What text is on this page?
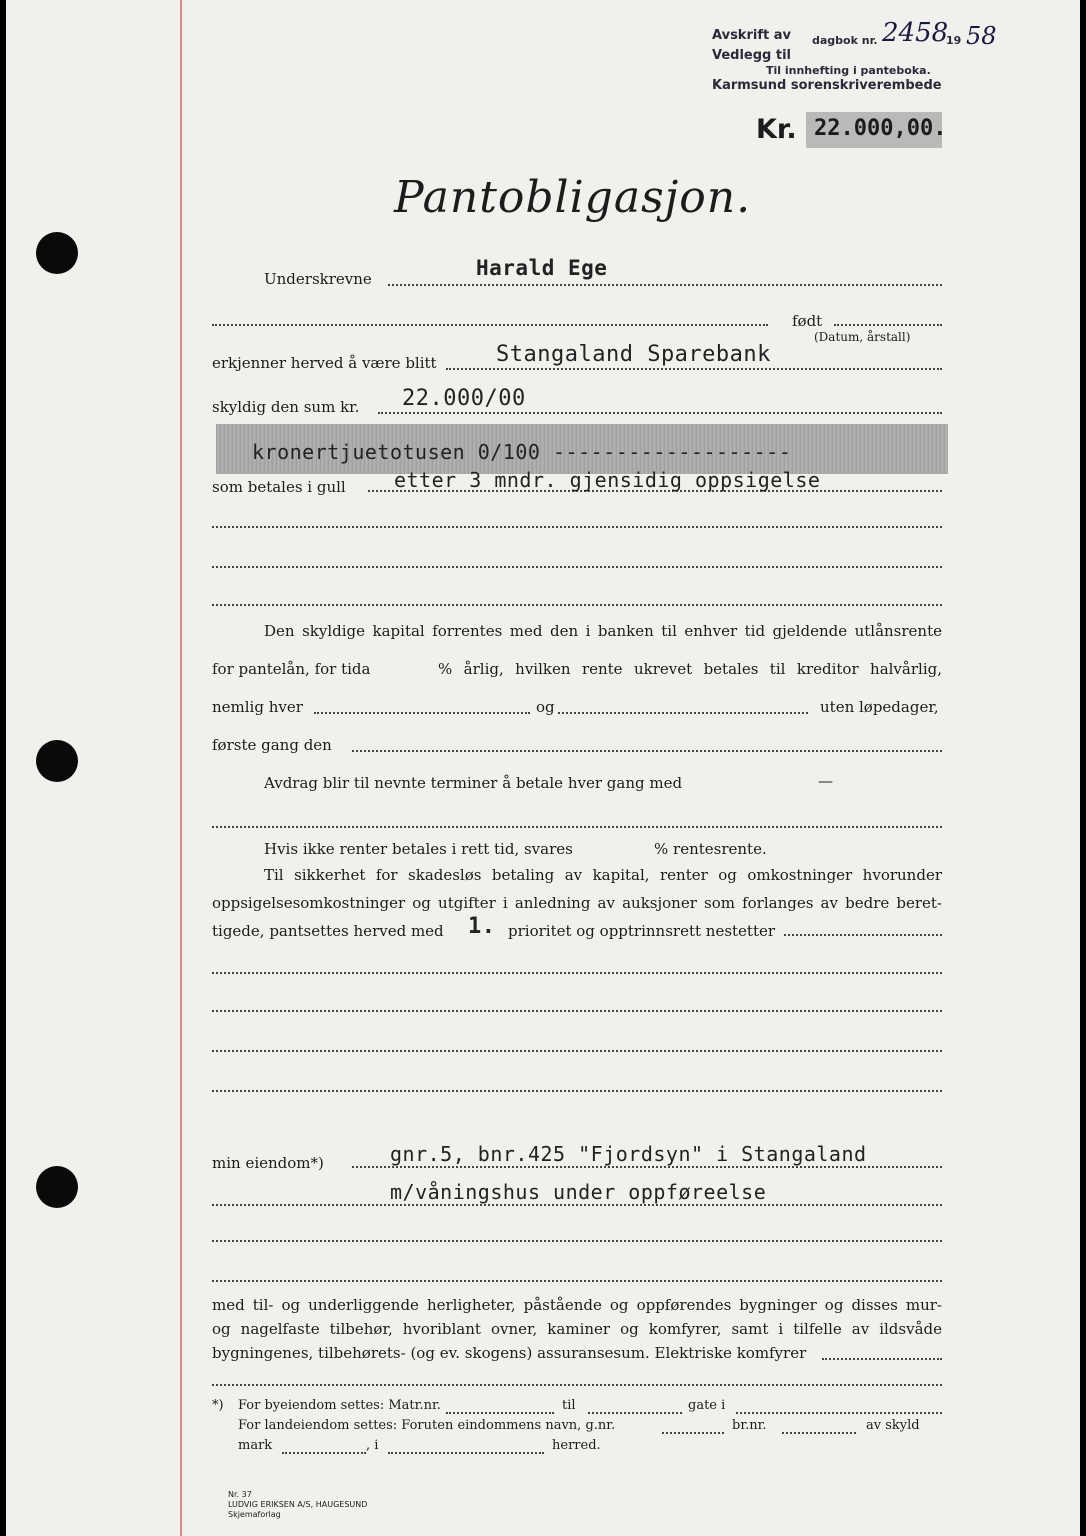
Avskrift av dagbok nr. 2458
19 58
Vedlegg til
Til innhefting i panteboka.
Karmsund sorenskriverembede
Kr. 22.000,00.
Pantobligasjon.
Underskrevne	Harald Ege
født
(Datum, årstall)
erkjenner herved å være blitt	Stangaland Sparebank
skyldig den sum kr. 22.000/00
kronertjuetotusen 0/100 -------------------
som betales i gull etter 3 mndr. gjensidig oppsigelse
Den skyldige kapital forrentes med den i banken til enhver tid gjeldende utlånsrente
for pantelån, for tida	% årlig, hvilken rente ukrevet betales til kreditor halvårlig,
nemlig hver	og	uten løpedager,
første gang den
Avdrag blir til nevnte terminer å betale hver gang med	—
Hvis ikke renter betales i rett tid, svares	% rentesrente.
Til sikkerhet for skadesløs betaling av kapital, renter og omkostninger hvorunder
oppsigelsesomkostninger og utgifter i anledning av auksjoner som forlanges av bedre beret-
tigede, pantsettes herved med 1. prioritet og opptrinnsrett nestetter
min eiendom*)	gnr.5, bnr.425 "Fjordsyn" i Stangaland
m/våningshus under oppføreelse
med til- og underliggende herligheter, påstående og oppførendes bygninger og disses mur-
og nagelfaste tilbehør, hvoriblant ovner, kaminer og komfyrer, samt i tilfelle av ildsvåde
bygningenes, tilbehørets- (og ev. skogens) assuransesum. Elektriske komfyrer
*) For byeiendom settes: Matr.nr.	til	gate i
For landeiendom settes: Foruten eindommens navn, g.nr.	br.nr.	av skyld
mark	, i	herred.
Nr. 37
LUDVIG ERIKSEN A/S, HAUGESUND
Skjemaforlag
